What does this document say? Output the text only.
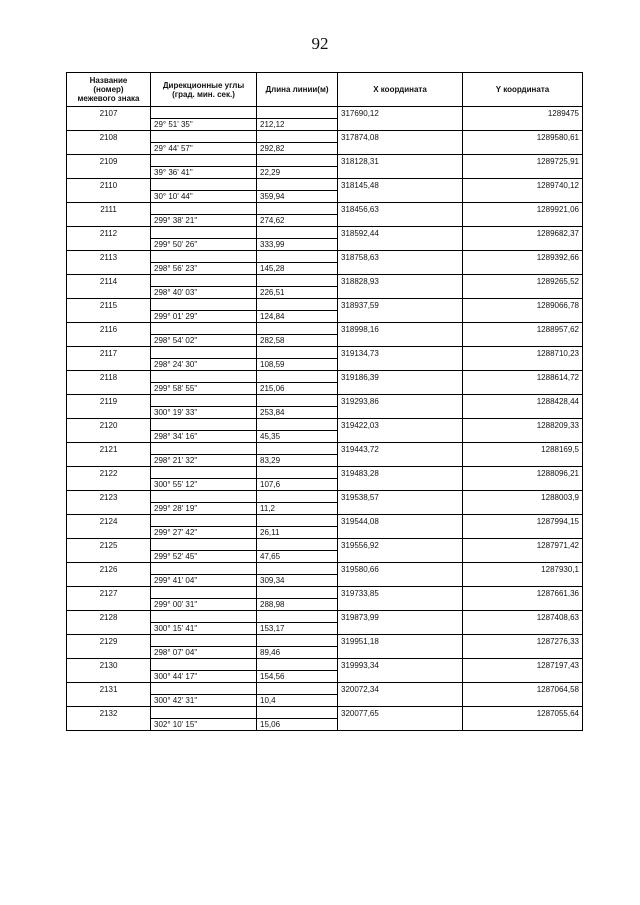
92
Название
(номер)
межевого знака	Дирекционные углы
(град. мин. сек.)	Длина линии(м)	X координата	Y координата
2107			317690,12	1289475
	29° 51' 35"	212,12		
2108			317874,08	1289580,61
	29° 44' 57"	292,82		
2109			318128,31	1289725,91
	39° 36' 41"	22,29		
2110			318145,48	1289740,12
	30° 10' 44"	359,94		
2111			318456,63	1289921,06
	299° 38' 21"	274,62		
2112			318592,44	1289682,37
	299° 50' 26"	333,99		
2113			318758,63	1289392,66
	298° 56' 23"	145,28		
2114			318828,93	1289265,52
	298° 40' 03"	226,51		
2115			318937,59	1289066,78
	299° 01' 29"	124,84		
2116			318998,16	1288957,62
	298° 54' 02"	282,58		
2117			319134,73	1288710,23
	298° 24' 30"	108,59		
2118			319186,39	1288614,72
	299° 58' 55"	215,06		
2119			319293,86	1288428,44
	300° 19' 33"	253,84		
2120			319422,03	1288209,33
	298° 34' 16"	45,35		
2121			319443,72	1288169,5
	298° 21' 32"	83,29		
2122			319483,28	1288096,21
	300° 55' 12"	107,6		
2123			319538,57	1288003,9
	299° 28' 19"	11,2		
2124			319544,08	1287994,15
	299° 27' 42"	26,11		
2125			319556,92	1287971,42
	299° 52' 45"	47,65		
2126			319580,66	1287930,1
	299° 41' 04"	309,34		
2127			319733,85	1287661,36
	299° 00' 31"	288,98		
2128			319873,99	1287408,63
	300° 15' 41"	153,17		
2129			319951,18	1287276,33
	298° 07' 04"	89,46		
2130			319993,34	1287197,43
	300° 44' 17"	154,56		
2131			320072,34	1287064,58
	300° 42' 31"	10,4		
2132			320077,65	1287055,64
	302° 10' 15"	15,06		
